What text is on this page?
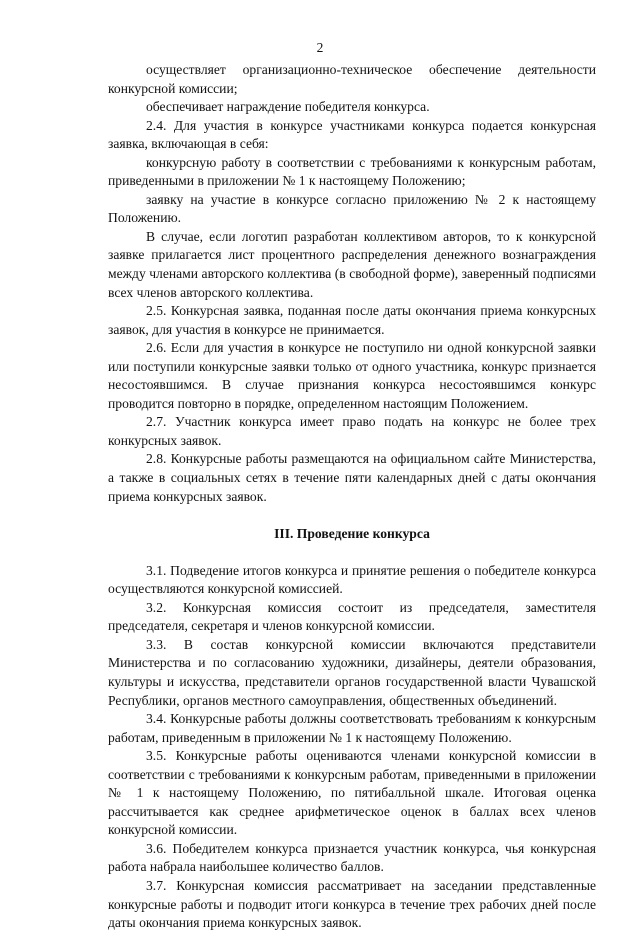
2

осуществляет организационно-техническое обеспечение деятельности конкурсной комиссии;

обеспечивает награждение победителя конкурса.

2.4. Для участия в конкурсе участниками конкурса подается конкурсная заявка, включающая в себя:

конкурсную работу в соответствии с требованиями к конкурсным работам, приведенными в приложении № 1 к настоящему Положению;

заявку на участие в конкурсе согласно приложению № 2 к настоящему Положению.

В случае, если логотип разработан коллективом авторов, то к конкурсной заявке прилагается лист процентного распределения денежного вознаграждения между членами авторского коллектива (в свободной форме), заверенный подписями всех членов авторского коллектива.

2.5. Конкурсная заявка, поданная после даты окончания приема конкурсных заявок, для участия в конкурсе не принимается.

2.6. Если для участия в конкурсе не поступило ни одной конкурсной заявки или поступили конкурсные заявки только от одного участника, конкурс признается несостоявшимся. В случае признания конкурса несостоявшимся конкурс проводится повторно в порядке, определенном настоящим Положением.

2.7. Участник конкурса имеет право подать на конкурс не более трех конкурсных заявок.

2.8. Конкурсные работы размещаются на официальном сайте Министерства, а также в социальных сетях в течение пяти календарных дней с даты окончания приема конкурсных заявок.

III. Проведение конкурса

3.1. Подведение итогов конкурса и принятие решения о победителе конкурса осуществляются конкурсной комиссией.

3.2. Конкурсная комиссия состоит из председателя, заместителя председателя, секретаря и членов конкурсной комиссии.

3.3. В состав конкурсной комиссии включаются представители Министерства и по согласованию художники, дизайнеры, деятели образования, культуры и искусства, представители органов государственной власти Чувашской Республики, органов местного самоуправления, общественных объединений.

3.4. Конкурсные работы должны соответствовать требованиям к конкурсным работам, приведенным в приложении № 1 к настоящему Положению.

3.5. Конкурсные работы оцениваются членами конкурсной комиссии в соответствии с требованиями к конкурсным работам, приведенными в приложении № 1 к настоящему Положению, по пятибалльной шкале. Итоговая оценка рассчитывается как среднее арифметическое оценок в баллах всех членов конкурсной комиссии.

3.6. Победителем конкурса признается участник конкурса, чья конкурсная работа набрала наибольшее количество баллов.

3.7. Конкурсная комиссия рассматривает на заседании представленные конкурсные работы и подводит итоги конкурса в течение трех рабочих дней после даты окончания приема конкурсных заявок.
